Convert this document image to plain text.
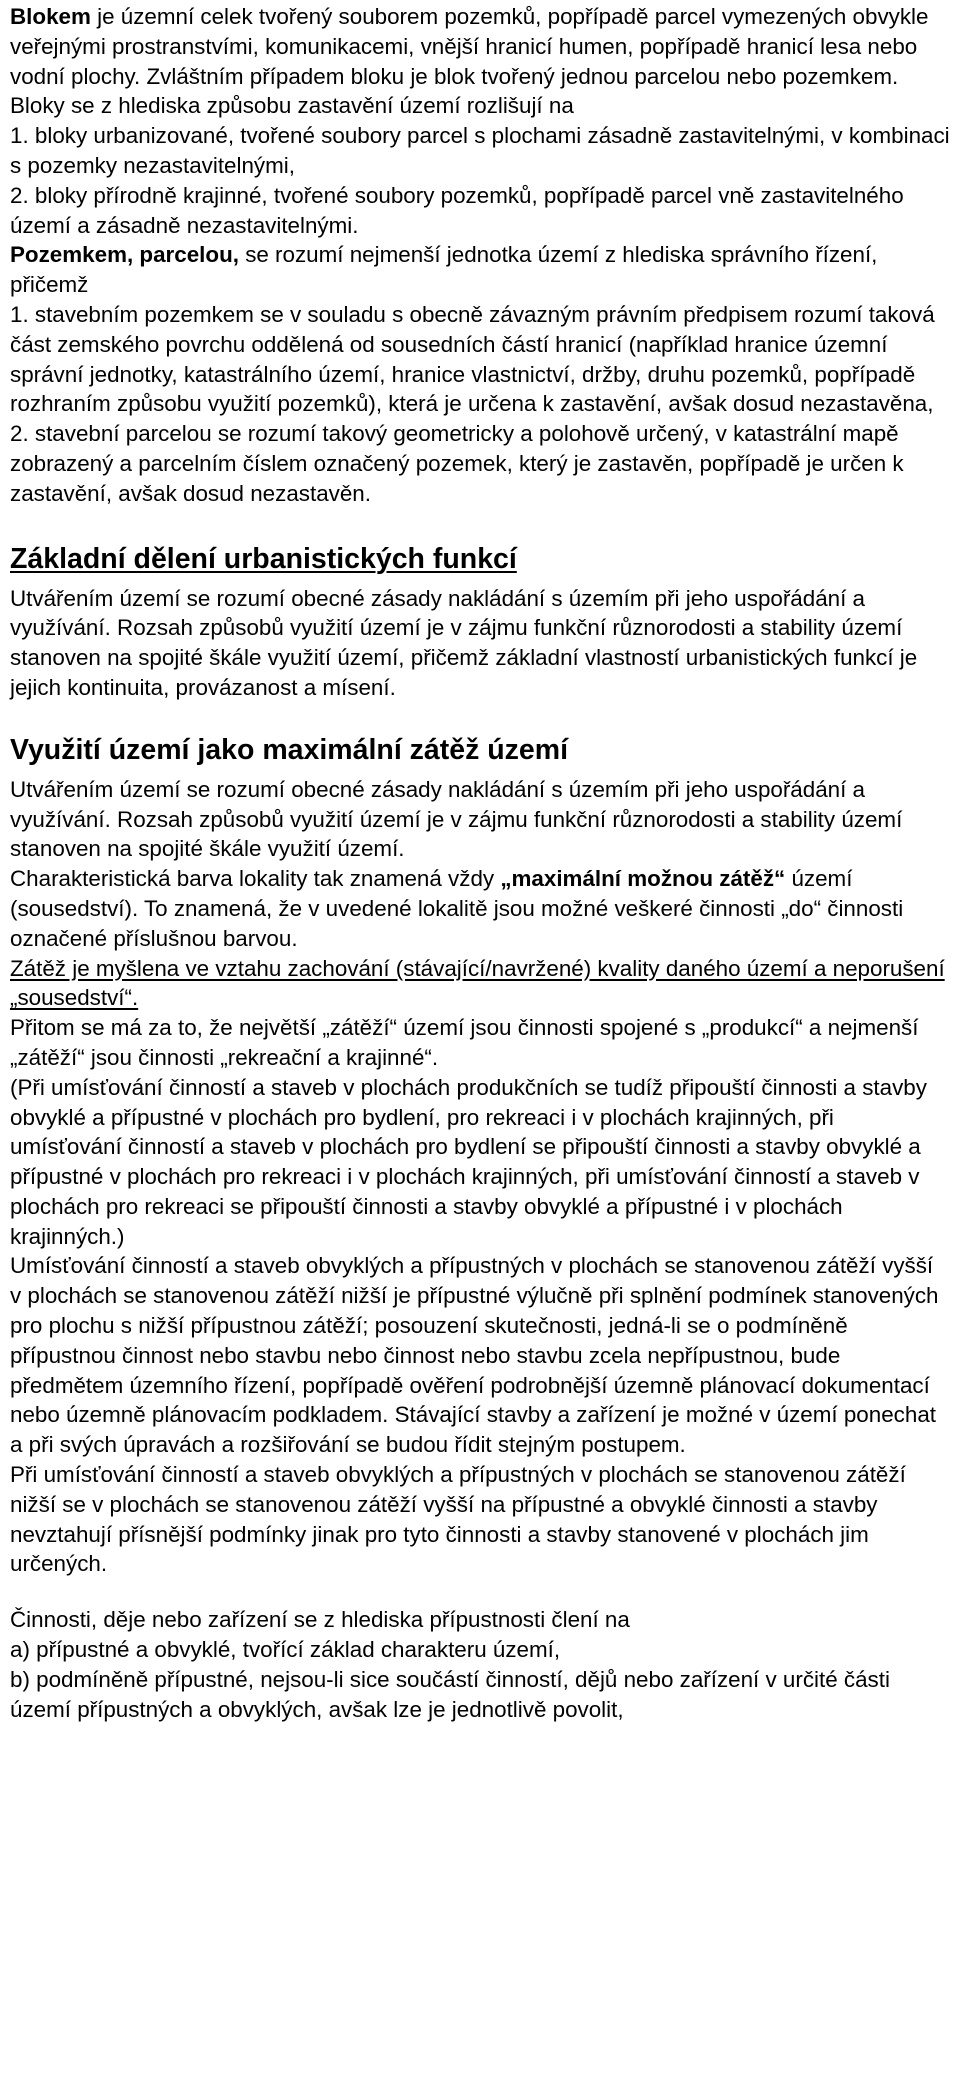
Blokem je územní celek tvořený souborem pozemků, popřípadě parcel vymezených obvykle veřejnými prostranstvími, komunikacemi, vnější hranicí humen, popřípadě hranicí lesa nebo vodní plochy. Zvláštním případem bloku je blok tvořený jednou parcelou nebo pozemkem. Bloky se z hlediska způsobu zastavění území rozlišují na

1. bloky urbanizované, tvořené soubory parcel s plochami zásadně zastavitelnými, v kombinaci s pozemky nezastavitelnými,

2. bloky přírodně krajinné, tvořené soubory pozemků, popřípadě parcel vně zastavitelného území a zásadně nezastavitelnými.

Pozemkem, parcelou, se rozumí nejmenší jednotka území z hlediska správního řízení, přičemž

1. stavebním pozemkem se v souladu s obecně závazným právním předpisem rozumí taková část zemského povrchu oddělená od sousedních částí hranicí (například hranice územní správní jednotky, katastrálního území, hranice vlastnictví, držby, druhu pozemků, popřípadě rozhraním způsobu využití pozemků), která je určena k zastavění, avšak dosud nezastavěna,

2. stavební parcelou se rozumí takový geometricky a polohově určený, v katastrální mapě zobrazený a parcelním číslem označený pozemek, který je zastavěn, popřípadě je určen k zastavění, avšak dosud nezastavěn.

Základní dělení urbanistických funkcí

Utvářením území se rozumí obecné zásady nakládání s územím při jeho uspořádání a využívání. Rozsah způsobů využití území je v zájmu funkční různorodosti a stability území stanoven na spojité škále využití území, přičemž základní vlastností urbanistických funkcí je jejich kontinuita, provázanost a mísení.

Využití území jako maximální zátěž území

Utvářením území se rozumí obecné zásady nakládání s územím při jeho uspořádání a využívání. Rozsah způsobů využití území je v zájmu funkční různorodosti a stability území stanoven na spojité škále využití území.

Charakteristická barva lokality tak znamená vždy „maximální možnou zátěž“ území (sousedství). To znamená, že v uvedené lokalitě jsou možné veškeré činnosti „do“ činnosti označené příslušnou barvou.

Zátěž je myšlena ve vztahu zachování (stávající/navržené) kvality daného území a neporušení „sousedství“.

Přitom se má za to, že největší „zátěží“ území jsou činnosti spojené s „produkcí“ a nejmenší „zátěží“ jsou činnosti „rekreační a krajinné“.

(Při umísťování činností a staveb v plochách produkčních se tudíž připouští činnosti a stavby obvyklé a přípustné v plochách pro bydlení, pro rekreaci i v plochách krajinných, při umísťování činností a staveb v plochách pro bydlení se připouští činnosti a stavby obvyklé a přípustné v plochách pro rekreaci i v plochách krajinných, při umísťování činností a staveb v plochách pro rekreaci se připouští činnosti a stavby obvyklé a přípustné i v plochách krajinných.)

Umísťování činností a staveb obvyklých a přípustných v plochách se stanovenou zátěží vyšší v plochách se stanovenou zátěží nižší je přípustné výlučně při splnění podmínek stanovených pro plochu s nižší přípustnou zátěží; posouzení skutečnosti, jedná-li se o podmíněně přípustnou činnost nebo stavbu nebo činnost nebo stavbu zcela nepřípustnou, bude předmětem územního řízení, popřípadě ověření podrobnější územně plánovací dokumentací nebo územně plánovacím podkladem. Stávající stavby a zařízení je možné v území ponechat a při svých úpravách a rozšiřování se budou řídit stejným postupem.

Při umísťování činností a staveb obvyklých a přípustných v plochách se stanovenou zátěží nižší se v plochách se stanovenou zátěží vyšší na přípustné a obvyklé činnosti a stavby nevztahují přísnější podmínky jinak pro tyto činnosti a stavby stanovené v plochách jim určených.

Činnosti, děje nebo zařízení se z hlediska přípustnosti člení na

a) přípustné a obvyklé, tvořící základ charakteru území,

b) podmíněně přípustné, nejsou-li sice součástí činností, dějů nebo zařízení v určité části území přípustných a obvyklých, avšak lze je jednotlivě povolit,
